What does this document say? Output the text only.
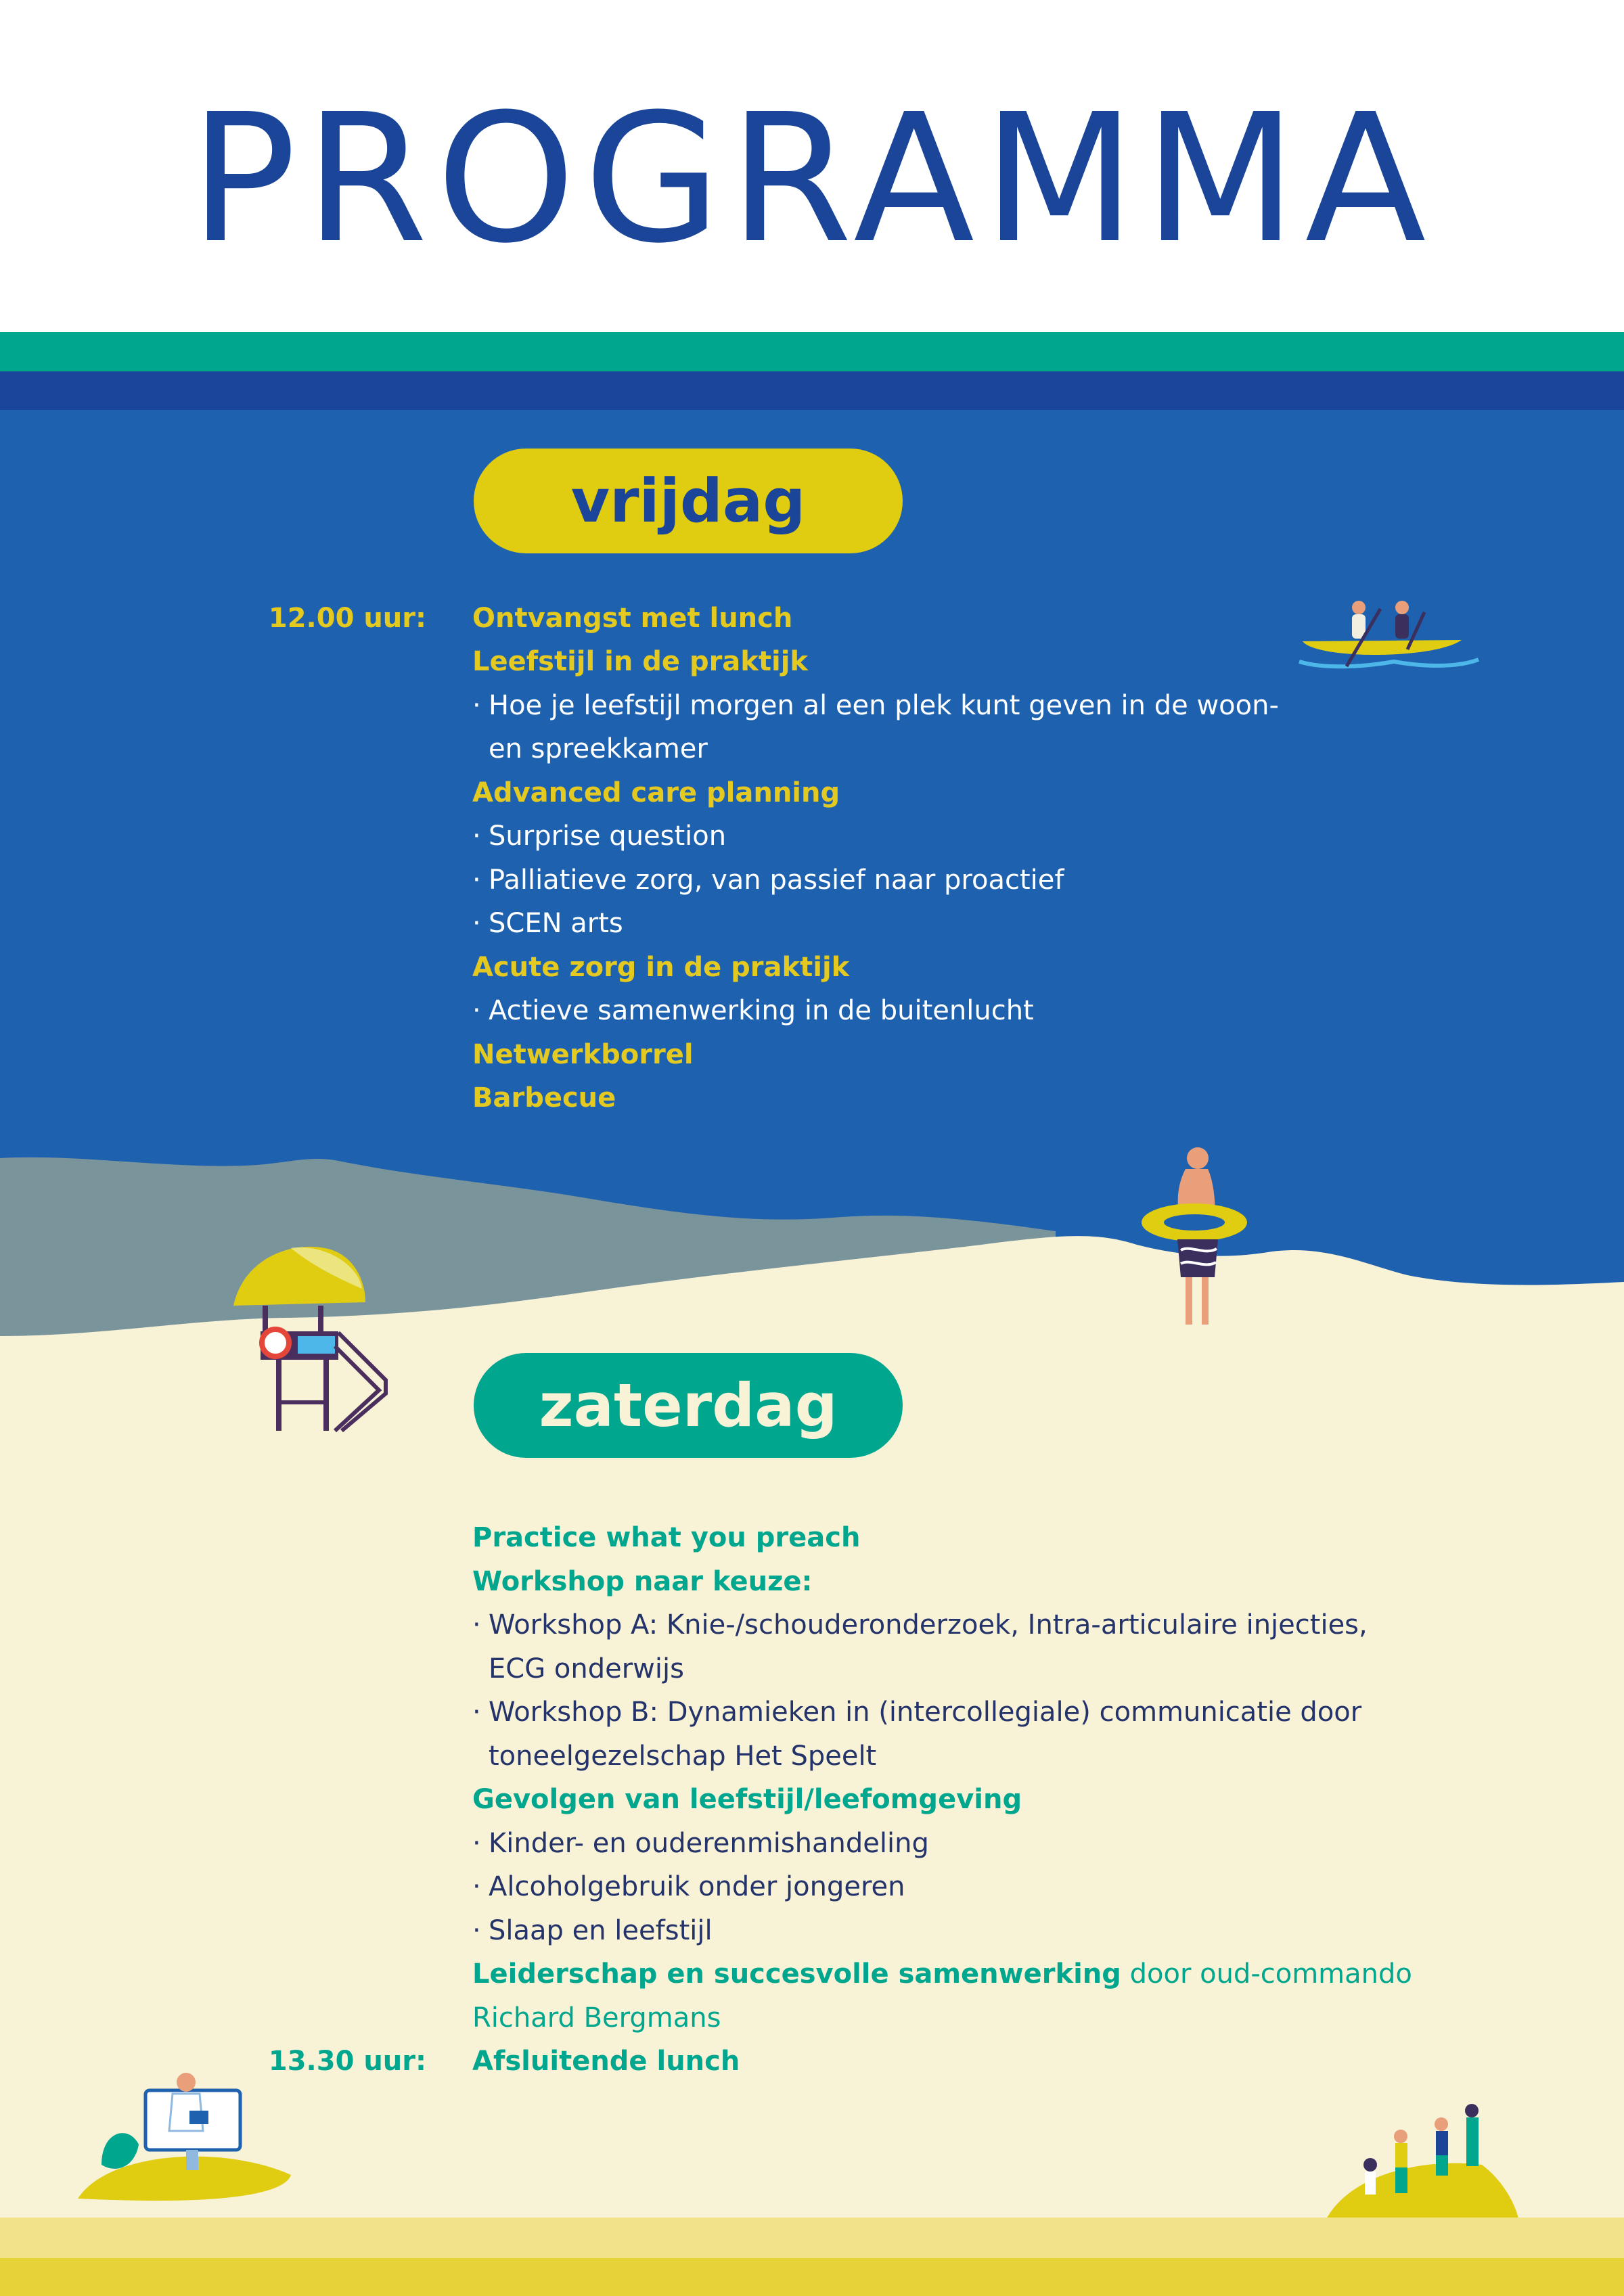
PROGRAMMA
vrijdag
zaterdag
12.00 uur:
13.30 uur:
Ontvangst met lunch
Leefstijl in de praktijk
· Hoe je leefstijl morgen al een plek kunt geven in de woon-
en spreekkamer
Advanced care planning
· Surprise question
· Palliatieve zorg, van passief naar proactief
· SCEN arts
Acute zorg in de praktijk
· Actieve samenwerking in de buitenlucht
Netwerkborrel
Barbecue
Practice what you preach
Workshop naar keuze:
· Workshop A: Knie-/schouderonderzoek, Intra-articulaire injecties,
ECG onderwijs
· Workshop B: Dynamieken in (intercollegiale) communicatie door
toneelgezelschap Het Speelt
Gevolgen van leefstijl/leefomgeving
· Kinder- en ouderenmishandeling
· Alcoholgebruik onder jongeren
· Slaap en leefstijl
Leiderschap en succesvolle samenwerking door oud-commando
Richard Bergmans
Afsluitende lunch
